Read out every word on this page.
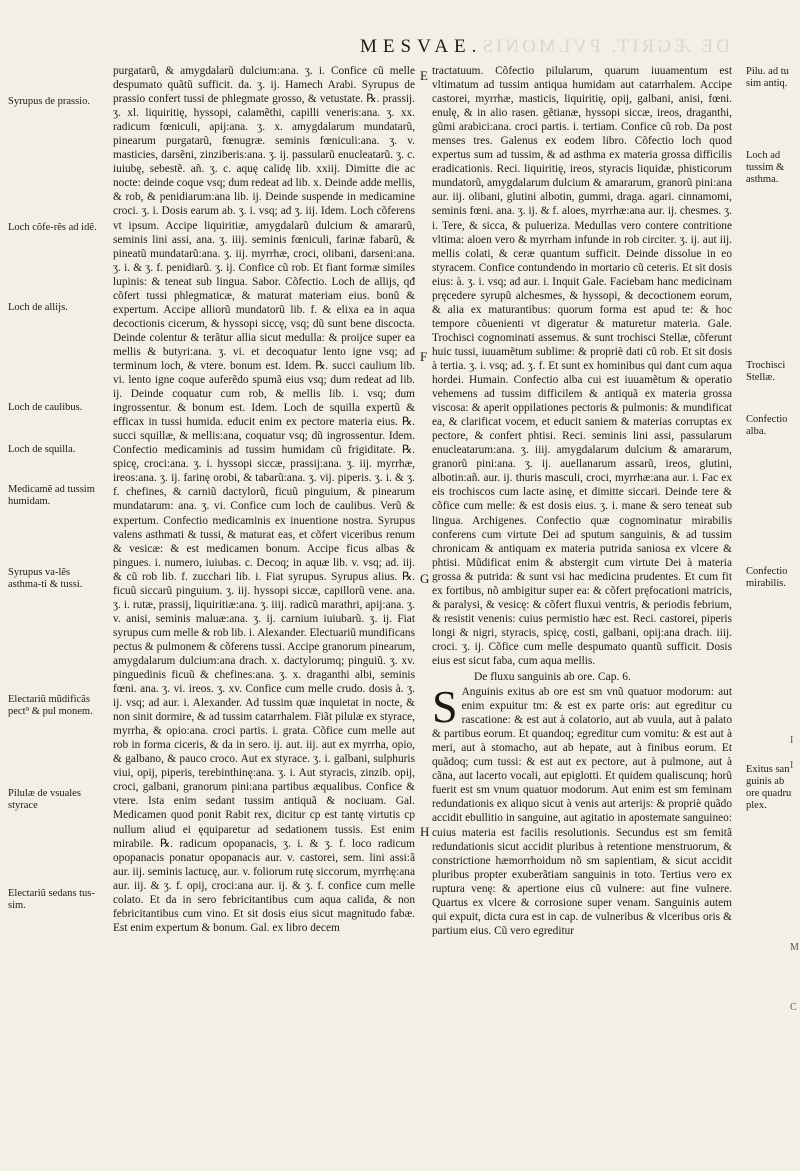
DE ÆGRIT. PVLMONIS
MESVAE.
Syrupus de prassio.
Loch cõfe-rẽs ad idẽ.
Loch de allijs.
Loch de caulibus.
Loch de squilla.
Medicamẽ ad tussim humidam.
Syrupus va-lẽs asthma-ti & tussi.
Electariũ mũdificãs pect⁹ & pul monem.
Pilulæ de vsuales styrace
Electariũ sedans tus-sim.
Pilu. ad tu sim antiq.
Loch ad tussim & asthma.
Trochisci Stellæ.
Confectio alba.
Confectio mirabilis.
Exitus san guinis ab ore quadru plex.
E
F
G
H
I
I
M
C

purgatarũ, & amygdalarũ dulcium:ana. ʒ. i. Confice cũ melle despumato quãtũ sufficit. da. ʒ. ij. Hamech Arabi. Syrupus de prassio confert tussi de phlegmate grosso, & vetustate. ℞. prassij. ʒ. xl. liquiritię, hyssopi, calamẽthi, capilli veneris:ana. ʒ. xx. radicum fœniculi, apij:ana. ʒ. x. amygdalarum mundatarũ, pinearum purgatarũ, fœnugræ. seminis fœniculi:ana. ʒ. v. masticies, darsẽni, zinziberis:ana. ʒ. ij. passularũ enucleatarũ. ʒ. c. iuiubę, sebestẽ. añ. ʒ. c. aquę calidę lib. xxiij. Dimitte die ac nocte: deinde coque vsq; dum redeat ad lib. x. Deinde adde mellis, & rob, & penidiarum:ana lib. ij. Deinde suspende in medicamine croci. ʒ. i. Dosis earum ab. ʒ. i. vsq; ad ʒ. iij. Idem. Loch cõferens vt ipsum. Accipe liquiritiæ, amygdalarũ dulcium & amararũ, seminis lini assi, ana. ʒ. iiij. seminis fœniculi, farinæ fabarũ, & pineatũ mundatarũ:ana. ʒ. iij. myrrhæ, croci, olibani, darseni:ana. ʒ. i. & ʒ. f. penidiarũ. ʒ. ij. Confice cũ rob. Et fiant formæ similes lupinis: & teneat sub lingua. Sabor. Cõfectio. Loch de allijs, qđ cõfert tussi phlegmaticæ, & maturat materiam eius. bonũ & expertum. Accipe alliorũ mundatorũ lib. f. & elixa ea in aqua decoctionis cicerum, & hyssopi siccę, vsq; dũ sunt bene discocta. Deinde colentur & terãtur allia sicut medulla: & proijce super ea mellis & butyri:ana. ʒ. vi. et decoquatur lento igne vsq; ad terminum loch, & vtere. bonum est. Idem. ℞. succi caulium lib. vi. lento igne coque auferẽdo spumã eius vsq; dum redeat ad lib. ij. Deinde coquatur cum rob, & mellis lib. i. vsq; dum ingrossentur. & bonum est. Idem. Loch de squilla expertũ & efficax in tussi humida. educit enim ex pectore materia eius. ℞. succi squillæ, & mellis:ana, coquatur vsq; dũ ingrossentur. Idem. Confectio medicaminis ad tussim humidam cũ frigiditate. ℞. spicę, croci:ana. ʒ. i. hyssopi siccæ, prassij:ana. ʒ. iij. myrrhæ, ireos:ana. ʒ. ij. farinę orobi, & tabarũ:ana. ʒ. vij. piperis. ʒ. i. & ʒ. f. chefines, & carniũ dactylorũ, ficuũ pinguium, & pinearum mundatarum: ana. ʒ. vi. Confice cum loch de caulibus. Verũ & expertum. Confectio medicaminis ex inuentione nostra. Syrupus valens asthmati & tussi, & maturat eas, et cõfert viceribus renum & vesicæ: & est medicamen bonum. Accipe ficus albas & pingues. i. numero, iuiubas. c. Decoq; in aquæ lib. v. vsq; ad. iij. & cũ rob lib. f. zucchari lib. i. Fiat syrupus. Syrupus alius. ℞. ficuũ siccarũ pinguium. ʒ. iij. hyssopi siccæ, capillorũ vene. ana. ʒ. i. rutæ, prassij, liquiritiæ:ana. ʒ. iiij. radicũ marathri, apij:ana. ʒ. v. anisi, seminis maluæ:ana. ʒ. ij. carnium iuiubarũ. ʒ. ij. Fiat syrupus cum melle & rob lib. i. Alexander. Electuariũ mundificans pectus & pulmonem & cõferens tussi. Accipe granorum pinearum, amygdalarum dulcium:ana drach. x. dactylorumq; pinguiũ. ʒ. xv. pinguedinis ficuũ & chefines:ana. ʒ. x. draganthi albi, seminis fœni. ana. ʒ. vi. ireos. ʒ. xv. Confice cum melle crudo. dosis à. ʒ. ij. vsq; ad aur. i. Alexander. Ad tussim quæ inquietat in nocte, & non sinit dormire, & ad tussim catarrhalem. Fiãt pilulæ ex styrace, myrrha, & opio:ana. croci partis. i. grata. Cõfice cum melle aut rob in forma ciceris, & da in sero. ij. aut. iij. aut ex myrrha, opio, & galbano, & pauco croco. Aut ex styrace. ʒ. i. galbani, sulphuris viui, opij, piperis, terebinthinę:ana. ʒ. i. Aut styracis, zinzib. opij, croci, galbani, granorum pini:ana partibus æqualibus. Confice & vtere. Ista enim sedant tussim antiquã & nociuam. Gal. Medicamen quod ponit Rabit rex, dicitur cp est tantę virtutis cp nullum aliud ei ęquiparetur ad sedationem tussis. Est enim mirabile. ℞. radicum opopanacis, ʒ. i. & ʒ. f. loco radicum opopanacis ponatur opopanacis aur. v. castorei, sem. lini assi:ã aur. iij. seminis lactucę, aur. v. foliorum rutę siccorum, myrrhę:ana aur. iij. & ʒ. f. opij, croci:ana aur. ij. & ʒ. f. confice cum melle colato. Et da in sero febricitantibus cum aqua calida, & non febricitantibus cum vino. Et sit dosis eius sicut magnitudo fabæ. Est enim expertum & bonum. Gal. ex libro decem

tractatuum. Cõfectio pilularum, quarum iuuamentum est vltimatum ad tussim antiqua humidam aut catarrhalem. Accipe castorei, myrrhæ, masticis, liquiritię, opij, galbani, anisi, fœni. enulę, & in alio rasen. gẽtianæ, hyssopi siccæ, ireos, draganthi, gũmi arabici:ana. croci partis. i. tertiam. Confice cũ rob. Da post menses tres. Galenus ex eodem libro. Cõfectio loch quod expertus sum ad tussim, & ad asthma ex materia grossa difficilis eradicationis. Reci. liquiritię, ireos, styracis liquidæ, phisticorum mundatorũ, amygdalarum dulcium & amararum, granorũ pini:ana aur. iij. olibani, glutini albotin, gummi, draga. agari. cinnamomi, seminis fœni. ana. ʒ. ij. & f. aloes, myrrhæ:ana aur. ij. chesmes. ʒ. i. Tere, & sicca, & pulueriza. Medullas vero contere contritione vltima: aloen vero & myrrham infunde in rob circiter. ʒ. ij. aut iij. mellis colati, & ceræ quantum sufficit. Deinde dissolue in eo styracem. Confice contundendo in mortario cũ ceteris. Et sit dosis eius: à. ʒ. i. vsq; ad aur. i. Inquit Gale. Faciebam hanc medicinam pręcedere syrupũ alchesmes, & hyssopi, & decoctionem eorum, & alia ex maturantibus: quorum forma est apud te: & hoc tempore cõuenienti vt digeratur & maturetur materia. Gale. Trochisci cognominati assemus. & sunt trochisci Stellæ, cõferunt huic tussi, iuuamẽtum sublime: & propriè dati cũ rob. Et sit dosis à tertia. ʒ. i. vsq; ad. ʒ. f. Et sunt ex hominibus qui dant cum aqua hordei. Humain. Confectio alba cui est iuuamẽtum & operatio vehemens ad tussim difficilem & antiquã ex materia grossa viscosa: & aperit oppilationes pectoris & pulmonis: & mundificat ea, & clarificat vocem, et educit saniem & materias corruptas ex pectore, & confert phtisi. Reci. seminis lini assi, passularum enucleatarum:ana. ʒ. iiij. amygdalarum dulcium & amararum, granorũ pini:ana. ʒ. ij. auellanarum assarũ, ireos, glutini, albotin:añ. aur. ij. thuris masculi, croci, myrrhæ:ana aur. i. Fac ex eis trochiscos cum lacte asinę, et dimitte siccari. Deinde tere & cõfice cum melle: & est dosis eius. ʒ. i. mane & sero teneat sub lingua. Archigenes. Confectio quæ cognominatur mirabilis conferens cum virtute Dei ad sputum sanguinis, & ad tussim chronicam & antiquam ex materia putrida saniosa ex vlcere & phtisi. Mũdificat enim & abstergit cum virtute Dei à materia grossa & putrida: & sunt vsi hac medicina prudentes. Et cum fit ex fortibus, nõ ambigitur super ea: & cõfert pręfocationi matricis, & paralysi, & vesicę: & cõfert fluxui ventris, & periodis febrium, & resistit venenis: cuius permistio hæc est. Reci. castorei, piperis longi & nigri, styracis, spicę, costi, galbani, opij:ana drach. iiij. croci. ʒ. ij. Cõfice cum melle despumato quantũ sufficit. Dosis eius est sicut faba, cum aqua mellis.

De fluxu sanguinis ab ore. Cap. 6.

S Anguinis exitus ab ore est sm vnũ quatuor modorum: aut enim expuitur tm: & est ex parte oris: aut egreditur cu rascatione: & est aut à colatorio, aut ab vuula, aut à palato & partibus eorum. Et quandoq; egreditur cum vomitu: & est aut à meri, aut à stomacho, aut ab hepate, aut à finibus eorum. Et quãdoq; cum tussi: & est aut ex pectore, aut à pulmone, aut à cãna, aut lacerto vocali, aut epiglotti. Et quidem qualiscunq; horũ fuerit est sm vnum quatuor modorum. Aut enim est sm feminam redundationis ex aliquo sicut à venis aut arterijs: & propriè quãdo accidit ebullitio in sanguine, aut agitatio in apostemate sanguineo: cuius materia est facilis resolutionis. Secundus est sm femitã redundationis sicut accidit pluribus à retentione menstruorum, & constrictione hæmorrhoidum nõ sm sapientiam, & sicut accidit pluribus propter exuberãtiam sanguinis in toto. Tertius vero ex ruptura venę: & apertione eius cũ vulnere: aut fine vulnere. Quartus ex vlcere & corrosione super venam. Sanguinis autem qui expuit, dicta cura est in cap. de vulneribus & vlceribus oris & partium eius. Cũ vero egreditur
